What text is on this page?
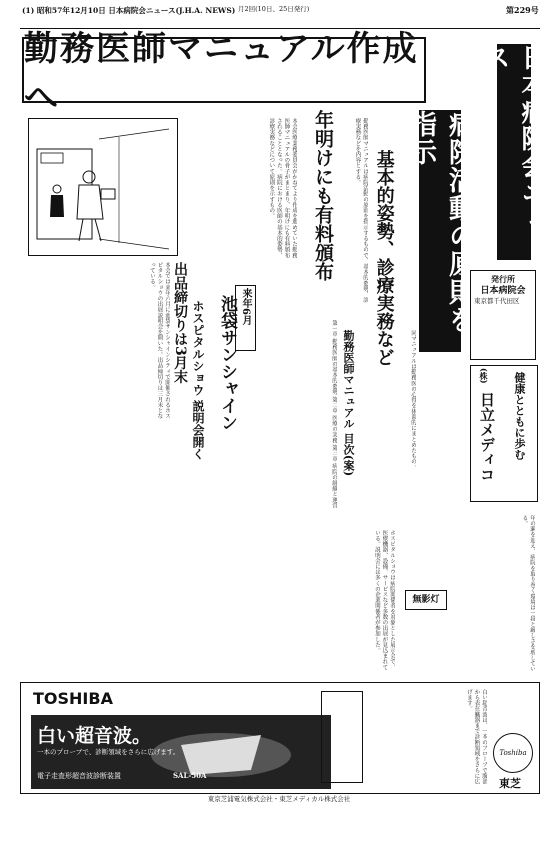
(1) 昭和57年12月10日 日本病院会ニュース(J.H.A. NEWS) 月2回(10日、25日発行)	第229号
勤務医師マニュアル作成へ	日本病院会ニュース
年明けにも有料頒布 基本的姿勢、診療実務など	病院活動の原則を指示
本会医療業務委員会がかねてより作成を進めていた勤務医師マニュアルの骨子がまとまり、年明けにも有料頒布されることとなった。病院における医師の基本的姿勢、診療実務などについて原則を示すもの。	勤務医師マニュアルは病院活動の原則を指示するもので、基本的姿勢、診療実務などを内容とする。
本会では来年六月に池袋サンシャインシティで開催されるホスピタルショウの出展説明会を開いた。出品締切りは三月末となっている。	出品締切りは3月末	来年6月
池袋サンシャイン
ホスピタルショウ 説明会開く	勤務医師マニュアル 目次(案)
第一章 勤務医師の基本的姿勢 第二章 医療の実務 第三章 病院の組織と運営	同マニュアルは勤務医の心得を体系的にまとめたもの。
ホスピタルショウは病院関係者を対象とした展示会で、医療機器、設備、サービスなど多数の出展が見込まれている。説明会には多くの企業関係者が参加した。	無影灯	年の瀬を迎え、病院を取り巻く環境は一段と厳しさを増している。
発行所
日本病院会
東京都千代田区
健康とともに歩む
(株)
日立メディコ
TOSHIBA
白い超音波。
一本のプローブで、診断領域をさらに広げます。
電子走査形超音波診断装置	SAL-50A	白い超音波は、一本のプローブで腹部から表在臓器まで診断領域をさらに広げます。
Toshiba
東芝
東京芝浦電気株式会社・東芝メディカル株式会社
